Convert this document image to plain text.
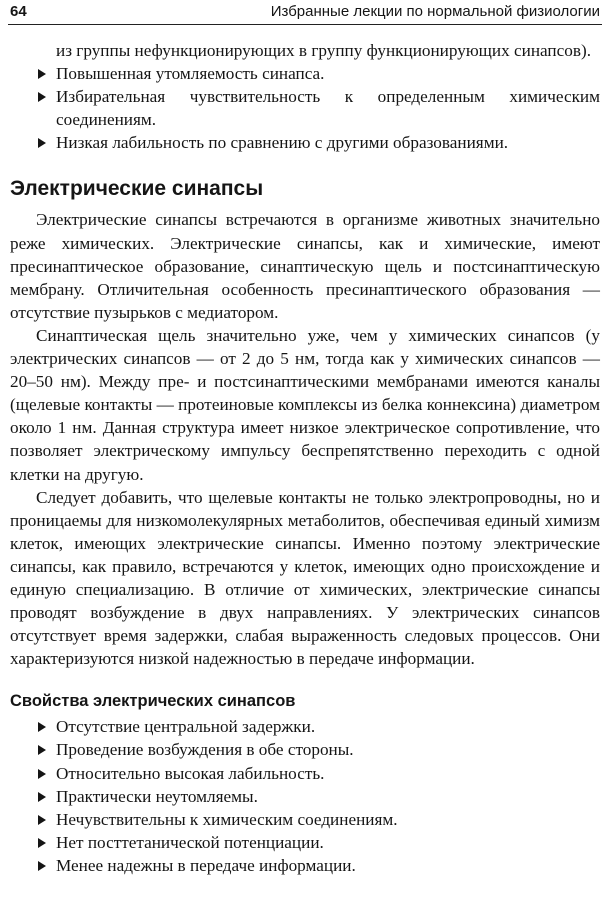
64	Избранные лекции по нормальной физиологии
из группы нефункционирующих в группу функционирующих синапсов).
Повышенная утомляемость синапса.
Избирательная чувствительность к определенным химическим соединениям.
Низкая лабильность по сравнению с другими образованиями.
Электрические синапсы

Электрические синапсы встречаются в организме животных значительно реже химических. Электрические синапсы, как и химические, имеют пресинаптическое образование, синаптическую щель и постсинаптическую мембрану. Отличительная особенность пресинаптического образования — отсутствие пузырьков с медиатором.

Синаптическая щель значительно уже, чем у химических синапсов (у электрических синапсов — от 2 до 5 нм, тогда как у химических синапсов — 20–50 нм). Между пре- и постсинаптическими мембранами имеются каналы (щелевые контакты — протеиновые комплексы из белка коннексина) диаметром около 1 нм. Данная структура имеет низкое электрическое сопротивление, что позволяет электрическому импульсу беспрепятственно переходить с одной клетки на другую.

Следует добавить, что щелевые контакты не только электропроводны, но и проницаемы для низкомолекулярных метаболитов, обеспечивая единый химизм клеток, имеющих электрические синапсы. Именно поэтому электрические синапсы, как правило, встречаются у клеток, имеющих одно происхождение и единую специализацию. В отличие от химических, электрические синапсы проводят возбуждение в двух направлениях. У электрических синапсов отсутствует время задержки, слабая выраженность следовых процессов. Они характеризуются низкой надежностью в передаче информации.

Свойства электрических синапсов
Отсутствие центральной задержки.
Проведение возбуждения в обе стороны.
Относительно высокая лабильность.
Практически неутомляемы.
Нечувствительны к химическим соединениям.
Нет посттетанической потенциации.
Менее надежны в передаче информации.
